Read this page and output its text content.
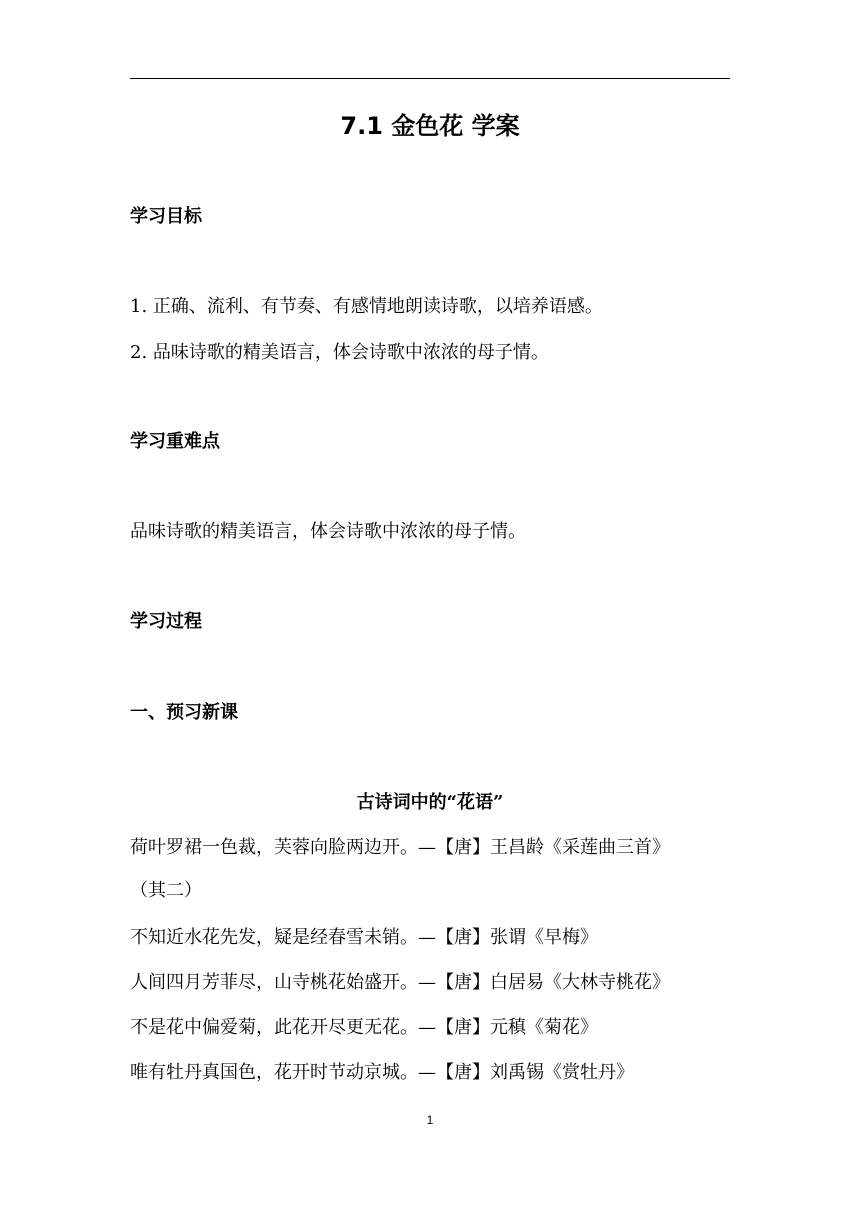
7.1 金色花 学案
学习目标
1. 正确、流利、有节奏、有感情地朗读诗歌，以培养语感。
2. 品味诗歌的精美语言，体会诗歌中浓浓的母子情。
学习重难点
品味诗歌的精美语言，体会诗歌中浓浓的母子情。
学习过程
一、预习新课
古诗词中的“花语”
荷叶罗裙一色裁，芙蓉向脸两边开。—【唐】王昌龄《采莲曲三首》
（其二）
不知近水花先发，疑是经春雪未销。—【唐】张谓《早梅》
人间四月芳菲尽，山寺桃花始盛开。—【唐】白居易《大林寺桃花》
不是花中偏爱菊，此花开尽更无花。—【唐】元稹《菊花》
唯有牡丹真国色，花开时节动京城。—【唐】刘禹锡《赏牡丹》
1
